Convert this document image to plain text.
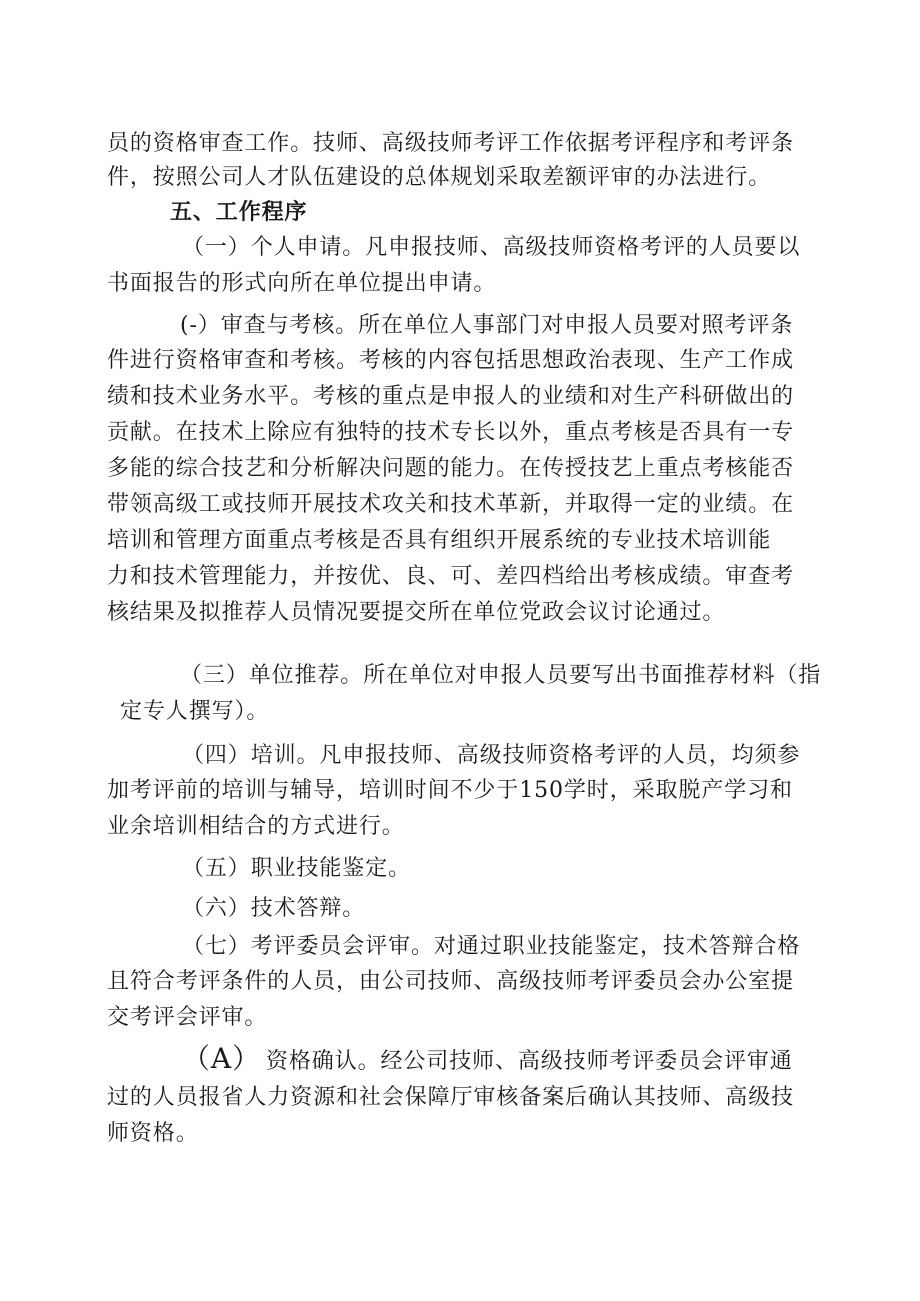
员的资格审查工作。技师、高级技师考评工作依据考评程序和考评条

件，按照公司人才队伍建设的总体规划采取差额评审的办法进行。

五、工作程序

（一）个人申请。凡申报技师、高级技师资格考评的人员要以

书面报告的形式向所在单位提出申请。

(-）审查与考核。所在单位人事部门对申报人员要对照考评条

件进行资格审查和考核。考核的内容包括思想政治表现、生产工作成

绩和技术业务水平。考核的重点是申报人的业绩和对生产科研做出的

贡献。在技术上除应有独特的技术专长以外，重点考核是否具有一专

多能的综合技艺和分析解决问题的能力。在传授技艺上重点考核能否

带领高级工或技师开展技术攻关和技术革新，并取得一定的业绩。在

培训和管理方面重点考核是否具有组织开展系统的专业技术培训能

力和技术管理能力，并按优、良、可、差四档给出考核成绩。审查考

核结果及拟推荐人员情况要提交所在单位党政会议讨论通过。

（三）单位推荐。所在单位对申报人员要写出书面推荐材料（指

定专人撰写）。

（四）培训。凡申报技师、高级技师资格考评的人员，均须参

加考评前的培训与辅导，培训时间不少于150学时，采取脱产学习和

业余培训相结合的方式进行。

（五）职业技能鉴定。

（六）技术答辩。

（七）考评委员会评审。对通过职业技能鉴定，技术答辩合格

且符合考评条件的人员，由公司技师、高级技师考评委员会办公室提

交考评会评审。

（A） 资格确认。经公司技师、高级技师考评委员会评审通

过的人员报省人力资源和社会保障厅审核备案后确认其技师、高级技

师资格。
